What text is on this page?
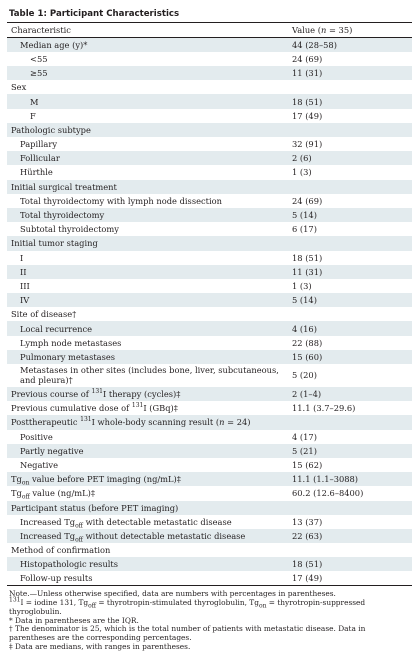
Table 1: Participant Characteristics
Characteristic	Value (n = 35)
Median age (y)*	44 (28–58)
<55	24 (69)
≥55	11 (31)
Sex	
M	18 (51)
F	17 (49)
Pathologic subtype	
Papillary	32 (91)
Follicular	2 (6)
Hürthle	1 (3)
Initial surgical treatment	
Total thyroidectomy with lymph node dissection	24 (69)
Total thyroidectomy	5 (14)
Subtotal thyroidectomy	6 (17)
Initial tumor staging	
I	18 (51)
II	11 (31)
III	1 (3)
IV	5 (14)
Site of disease†	
Local recurrence	4 (16)
Lymph node metastases	22 (88)
Pulmonary metastases	15 (60)
Metastases in other sites (includes bone, liver, subcutaneous, and pleura)†	5 (20)
Previous course of $^{131}$I therapy (cycles)‡	2 (1–4)
Previous cumulative dose of $^{131}$I (GBq)‡	11.1 (3.7–29.6)
Posttherapeutic $^{131}$I whole-body scanning result (n = 24)	
Positive	4 (17)
Partly negative	5 (21)
Negative	15 (62)
$Tg_{on}$ value before PET imaging (ng/mL)‡	11.1 (1.1–3088)
$Tg_{off}$ value (ng/mL)‡	60.2 (12.6–8400)
Participant status (before PET imaging)	
Increased $Tg_{off}$ with detectable metastatic disease	13 (37)
Increased $Tg_{off}$ without detectable metastatic disease	22 (63)
Method of confirmation	
Histopathologic results	18 (51)
Follow-up results	17 (49)
Note.—Unless otherwise specified, data are numbers with percentages in parentheses.
$^{131}$I = iodine 131, $Tg_{off}$ = thyrotropin-stimulated thyroglobulin, $Tg_{on}$ = thyrotropin-suppressed thyroglobulin.
* Data in parentheses are the IQR.
† The denominator is 25, which is the total number of patients with metastatic disease. Data in parentheses are the corresponding percentages.
‡ Data are medians, with ranges in parentheses.
